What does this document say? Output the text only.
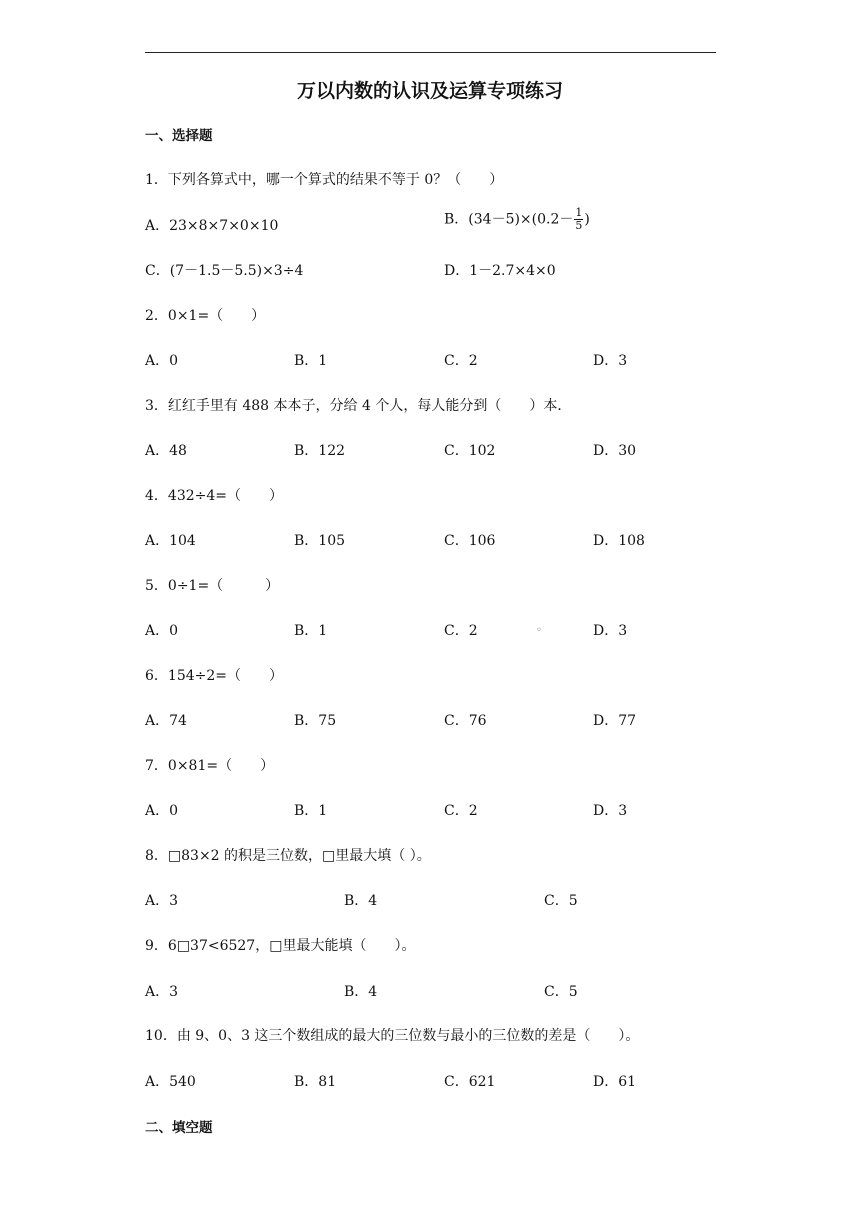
万以内数的认识及运算专项练习
一、选择题
1．下列各算式中，哪一个算式的结果不等于 0？（　　）
A．23×8×7×0×10	B．$(34-5)\times(0.2- \frac{1}{5}$ )
C．(7－1.5－5.5)×3÷4	D．1－2.7×4×0
2．0×1=（　　）
A．0	B．1	C．2	D．3
3．红红手里有 488 本本子，分给 4 个人，每人能分到（　　）本．
A．48	B．122	C．102	D．30
4．432÷4=（　　）
A．104	B．105	C．106	D．108
5．0÷1=（　　　）
A．0	B．1	C．2	◦	D．3
6．154÷2=（　　）
A．74	B．75	C．76	D．77
7．0×81=（　　）
A．0	B．1	C．2	D．3
8．□83×2 的积是三位数，□里最大填（ ）。
A．3	B．4	C．5
9．6□37<6527，□里最大能填（　　）。
A．3	B．4	C．5
10．由 9、0、3 这三个数组成的最大的三位数与最小的三位数的差是（　　）。
A．540	B．81	C．621	D．61
二、填空题
